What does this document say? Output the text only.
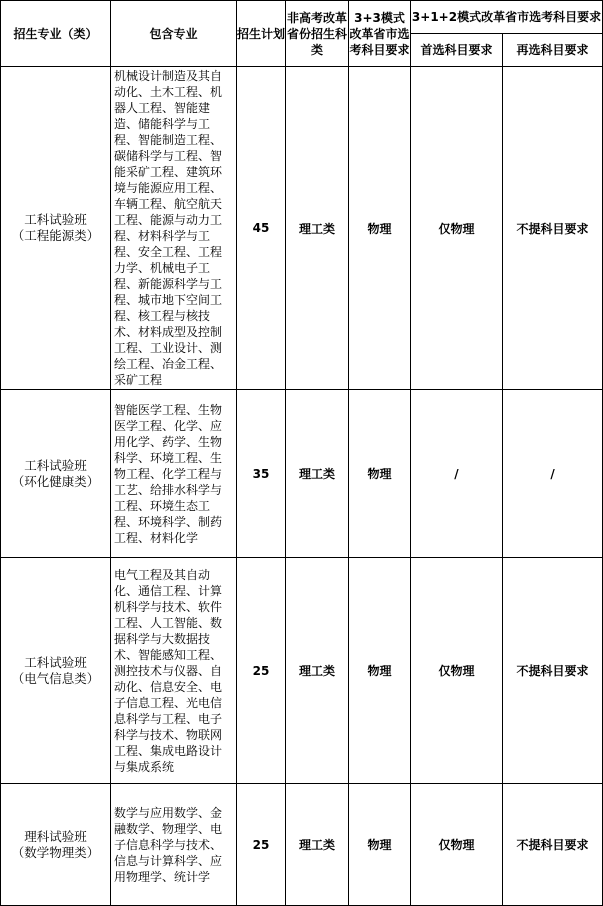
招生专业（类）	包含专业	招生计划	非高考改革省份招生科类	3+3模式改革省市选考科目要求	3+1+2模式改革省市选考科目要求	
					首选科目要求	再选科目要求

工科试验班
（工程能源类）	机械设计制造及其自动化、土木工程、机器人工程、智能建造、储能科学与工程、智能制造工程、碳储科学与工程、智能采矿工程、建筑环境与能源应用工程、车辆工程、航空航天工程、能源与动力工程、材料科学与工程、安全工程、工程力学、机械电子工程、新能源科学与工程、城市地下空间工程、核工程与核技术、材料成型及控制工程、工业设计、测绘工程、冶金工程、采矿工程	45	理工类	物理	仅物理	不提科目要求

工科试验班
（环化健康类）	智能医学工程、生物医学工程、化学、应用化学、药学、生物科学、环境工程、生物工程、化学工程与工艺、给排水科学与工程、环境生态工程、环境科学、制药工程、材料化学	35	理工类	物理	/	/

工科试验班
（电气信息类）	电气工程及其自动化、通信工程、计算机科学与技术、软件工程、人工智能、数据科学与大数据技术、智能感知工程、测控技术与仪器、自动化、信息安全、电子信息工程、光电信息科学与工程、电子科学与技术、物联网工程、集成电路设计与集成系统	25	理工类	物理	仅物理	不提科目要求

理科试验班
（数学物理类）	数学与应用数学、金融数学、物理学、电子信息科学与技术、信息与计算科学、应用物理学、统计学	25	理工类	物理	仅物理	不提科目要求
